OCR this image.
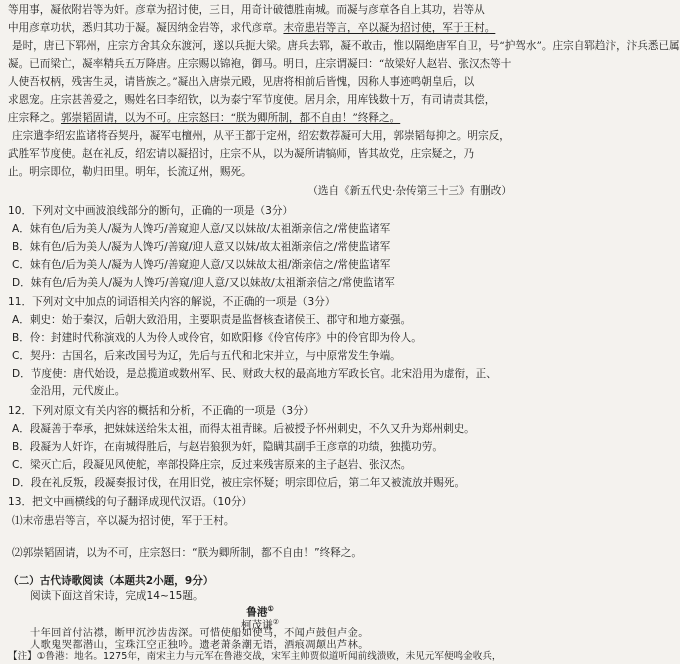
等用事，凝依附岩等为奸。彦章为招讨使，三日，用奇计破德胜南城。而凝与彦章各自上其功，岩等从
中用彦章功状，悉归其功于凝。凝因纳金岩等，求代彦章。末帝患岩等言，卒以凝为招讨使，军于王村。
是时，唐已下郓州，庄宗方舍其众东渡河，遂以兵扼大梁。唐兵去郓，凝不敢击，惟以隔绝唐军自卫，号“护驾水”。庄宗自郓趋汴，汴兵悉已属
凝。已而梁亡，凝率精兵五万降唐。庄宗赐以锦袍，御马。明日，庄宗谓凝曰：“故梁好人赵岩、张汉杰等十
人使吾权柄，残害生灵，请皆族之。”凝出入唐崇元殿，见唐将相前后皆愧，因称人事迹鸣朝皇后，以
求恩宠。庄宗甚善爱之，赐姓名曰李绍钦，以为泰宁军节度使。居月余，用库钱数十万，有司请责其偿，
庄宗释之。郭崇韬固请，以为不可。庄宗怒曰：“朕为卿所制，都不自由！”终释之。
庄宗遣李绍宏监诸将吞契丹，凝军屯檀州，从平王都于定州，绍宏数荐凝可大用，郭崇韬每抑之。明宗反，
武胜军节度使。赵在礼反，绍宏请以凝招讨，庄宗不从，以为凝所请犒师，皆其故党，庄宗疑之，乃
止。明宗即位，勒归田里。明年，长流辽州，赐死。
（选自《新五代史·杂传第三十三》有删改）
10．下列对文中画波浪线部分的断句，正确的一项是（3分）
A．妹有色/后为美人/凝为人馋巧/善窥迎人意/又以妹故/太祖渐亲信之/常使监诸军
B．妹有色/后为美人/凝为人馋巧/善窥/迎人意又以妹/故太祖渐亲信之/常使监诸军
C．妹有色/后为美人/凝为人馋巧/善窥迎人意/又以妹故太祖/渐亲信之/常使监诸军
D．妹有色/后为美人/凝为人馋巧/善窥/迎人意/又以妹故/太祖渐亲信之/常使监诸军
11．下列对文中加点的词语相关内容的解说，不正确的一项是（3分）
A．刺史：始于秦汉，后朝大致沿用，主要职责是监督核查诸侯王、郡守和地方豪强。
B．伶：封建时代称演戏的人为伶人或伶官，如欧阳修《伶官传序》中的伶官即为伶人。
C．契丹：古国名，后来改国号为辽，先后与五代和北宋并立，与中原常发生争端。
D．节度使：唐代始设，是总揽道或数州军、民、财政大权的最高地方军政长官。北宋沿用为虚衔，正、
金沿用，元代废止。
12．下列对原文有关内容的概括和分析，不正确的一项是（3分）
A．段凝善于奉承，把妹妹送给朱太祖，而得太祖青睐。后被授予怀州刺史，不久又升为郑州刺史。
B．段凝为人奸诈，在南城得胜后，与赵岩狼狈为奸，隐瞒其副手王彦章的功绩，独揽功劳。
C．梁灭亡后，段凝见风使舵，率部投降庄宗，反过来残害原来的主子赵岩、张汉杰。
D．段在礼反叛，段凝奏报讨伐，在用旧党，被庄宗怀疑；明宗即位后，第二年又被流放并赐死。
13．把文中画横线的句子翻译成现代汉语。（10分）
⑴末帝患岩等言，卒以凝为招讨使，军于王村。
⑵郭崇韬固请，以为不可，庄宗怒曰：“朕为卿所制，都不自由！”终释之。
（二）古代诗歌阅读（本题共2小题，9分）
阅读下面这首宋诗，完成14~15题。
鲁港①
柯茂谦②
十年回首付沾襟，断甲沉沙齿齿深。可惜使船如使马，不闻卢鼓但卢金。
人歌鬼哭都潜山，宝珠江空正独吟。遗老萧条潮无语，酒痕凋颠出芦林。
【注】①鲁港：地名。1275年，南宋主力与元军在鲁港交战，宋军主帅贾似道听闻前线溃败，未见元军便鸣金收兵，
